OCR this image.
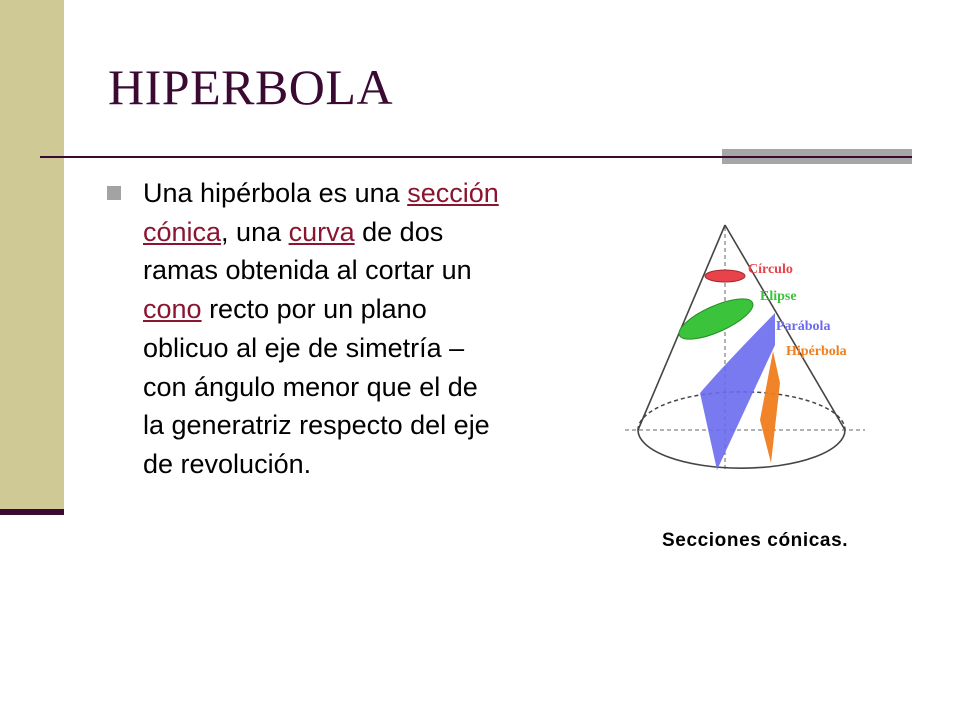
HIPERBOLA
Una hipérbola es una sección cónica, una curva de dos ramas obtenida al cortar un cono recto por un plano oblicuo al eje de simetría – con ángulo menor que el de la generatriz respecto del eje de revolución.
Círculo
Elipse
Parábola
Hipérbola
Secciones cónicas.
